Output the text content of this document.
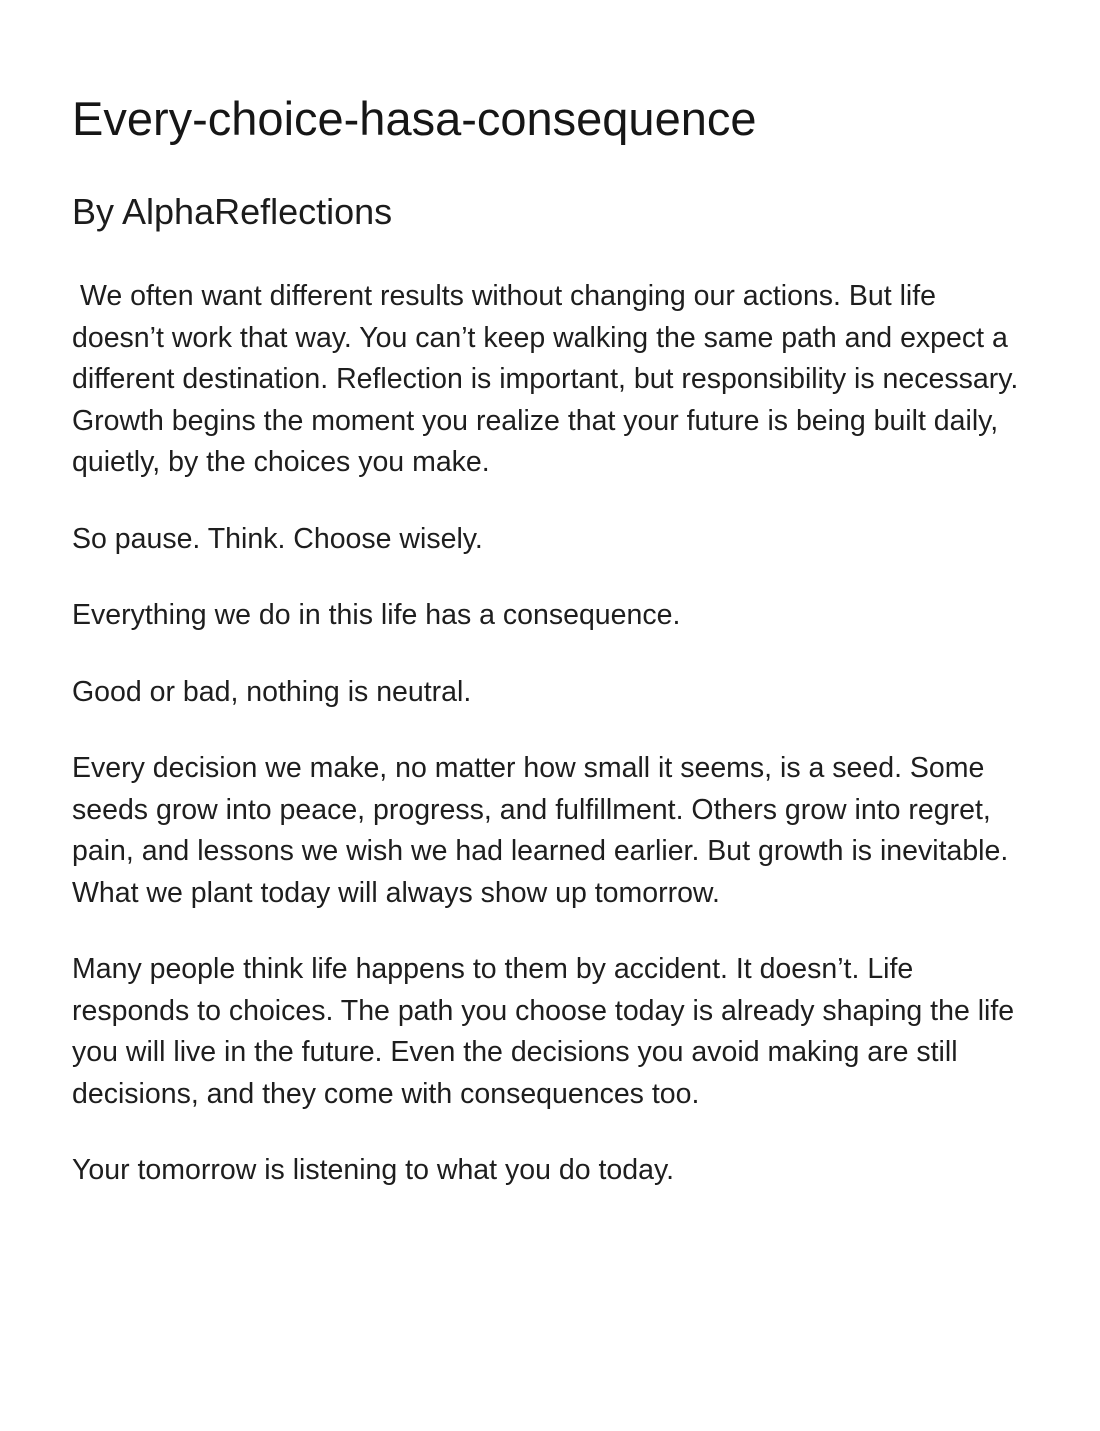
Every-choice-hasa-consequence
By AlphaReflections

We often want different results without changing our actions. But life doesn’t work that way. You can’t keep walking the same path and expect a different destination. Reflection is important, but responsibility is necessary. Growth begins the moment you realize that your future is being built daily, quietly, by the choices you make.

So pause. Think. Choose wisely.

Everything we do in this life has a consequence.

Good or bad, nothing is neutral.

Every decision we make, no matter how small it seems, is a seed. Some seeds grow into peace, progress, and fulfillment. Others grow into regret, pain, and lessons we wish we had learned earlier. But growth is inevitable. What we plant today will always show up tomorrow.

Many people think life happens to them by accident. It doesn’t. Life responds to choices. The path you choose today is already shaping the life you will live in the future. Even the decisions you avoid making are still decisions, and they come with consequences too.

Your tomorrow is listening to what you do today.
